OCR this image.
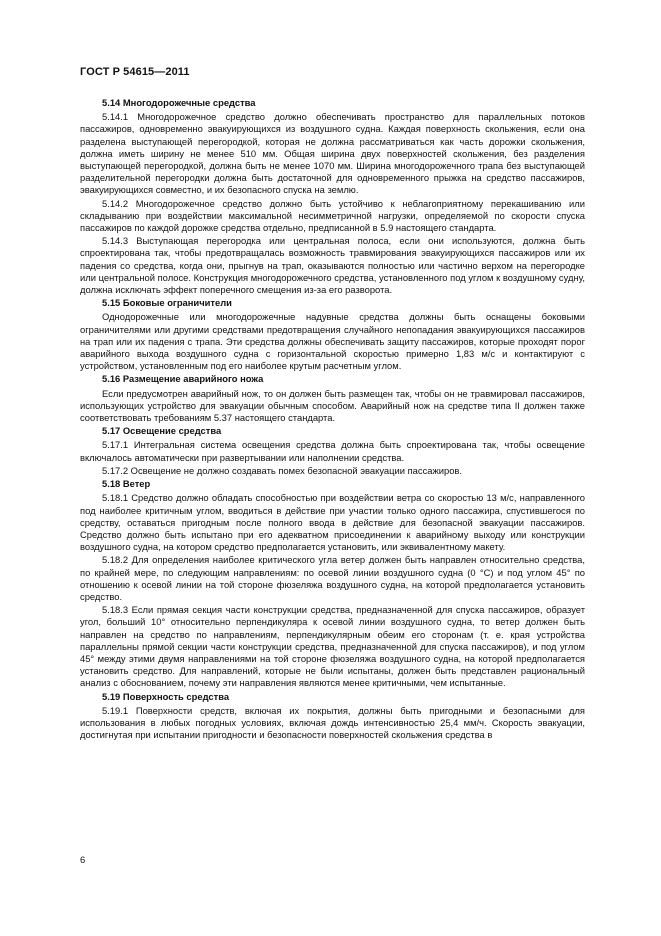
ГОСТ Р 54615—2011

5.14 Многодорожечные средства

5.14.1 Многодорожечное средство должно обеспечивать пространство для параллельных потоков пассажиров, одновременно эвакуирующихся из воздушного судна. Каждая поверхность скольжения, если она разделена выступающей перегородкой, которая не должна рассматриваться как часть дорожки скольжения, должна иметь ширину не менее 510 мм. Общая ширина двух поверхностей скольжения, без разделения выступающей перегородкой, должна быть не менее 1070 мм. Ширина многодорожечного трапа без выступающей разделительной перегородки должна быть достаточной для одновременного прыжка на средство пассажиров, эвакуирующихся совместно, и их безопасного спуска на землю.

5.14.2 Многодорожечное средство должно быть устойчиво к неблагоприятному перекашиванию или складыванию при воздействии максимальной несимметричной нагрузки, определяемой по скорости спуска пассажиров по каждой дорожке средства отдельно, предписанной в 5.9 настоящего стандарта.

5.14.3 Выступающая перегородка или центральная полоса, если они используются, должна быть спроектирована так, чтобы предотвращалась возможность травмирования эвакуирующихся пассажиров или их падения со средства, когда они, прыгнув на трап, оказываются полностью или частично верхом на перегородке или центральной полосе. Конструкция многодорожечного средства, установленного под углом к воздушному судну, должна исключать эффект поперечного смещения из-за его разворота.

5.15 Боковые ограничители

Однодорожечные или многодорожечные надувные средства должны быть оснащены боковыми ограничителями или другими средствами предотвращения случайного непопадания эвакуирующихся пассажиров на трап или их падения с трапа. Эти средства должны обеспечивать защиту пассажиров, которые проходят порог аварийного выхода воздушного судна с горизонтальной скоростью примерно 1,83 м/с и контактируют с устройством, установленным под его наиболее крутым расчетным углом.

5.16 Размещение аварийного ножа

Если предусмотрен аварийный нож, то он должен быть размещен так, чтобы он не травмировал пассажиров, использующих устройство для эвакуации обычным способом. Аварийный нож на средстве типа II должен также соответствовать требованиям 5.37 настоящего стандарта.

5.17 Освещение средства

5.17.1 Интегральная система освещения средства должна быть спроектирована так, чтобы освещение включалось автоматически при развертывании или наполнении средства.

5.17.2 Освещение не должно создавать помех безопасной эвакуации пассажиров.

5.18 Ветер

5.18.1 Средство должно обладать способностью при воздействии ветра со скоростью 13 м/с, направленного под наиболее критичным углом, вводиться в действие при участии только одного пассажира, спустившегося по средству, оставаться пригодным после полного ввода в действие для безопасной эвакуации пассажиров. Средство должно быть испытано при его адекватном присоединении к аварийному выходу или конструкции воздушного судна, на котором средство предполагается установить, или эквивалентному макету.

5.18.2 Для определения наиболее критического угла ветер должен быть направлен относительно средства, по крайней мере, по следующим направлениям: по осевой линии воздушного судна (0 °С) и под углом 45° по отношению к осевой линии на той стороне фюзеляжа воздушного судна, на которой предполагается установить средство.

5.18.3 Если прямая секция части конструкции средства, предназначенной для спуска пассажиров, образует угол, больший 10° относительно перпендикуляра к осевой линии воздушного судна, то ветер должен быть направлен на средство по направлениям, перпендикулярным обеим его сторонам (т. е. края устройства параллельны прямой секции части конструкции средства, предназначенной для спуска пассажиров), и под углом 45° между этими двумя направлениями на той стороне фюзеляжа воздушного судна, на которой предполагается установить средство. Для направлений, которые не были испытаны, должен быть представлен рациональный анализ с обоснованием, почему эти направления являются менее критичными, чем испытанные.

5.19 Поверхность средства

5.19.1 Поверхности средств, включая их покрытия, должны быть пригодными и безопасными для использования в любых погодных условиях, включая дождь интенсивностью 25,4 мм/ч. Скорость эвакуации, достигнутая при испытании пригодности и безопасности поверхностей скольжения средства в

6
